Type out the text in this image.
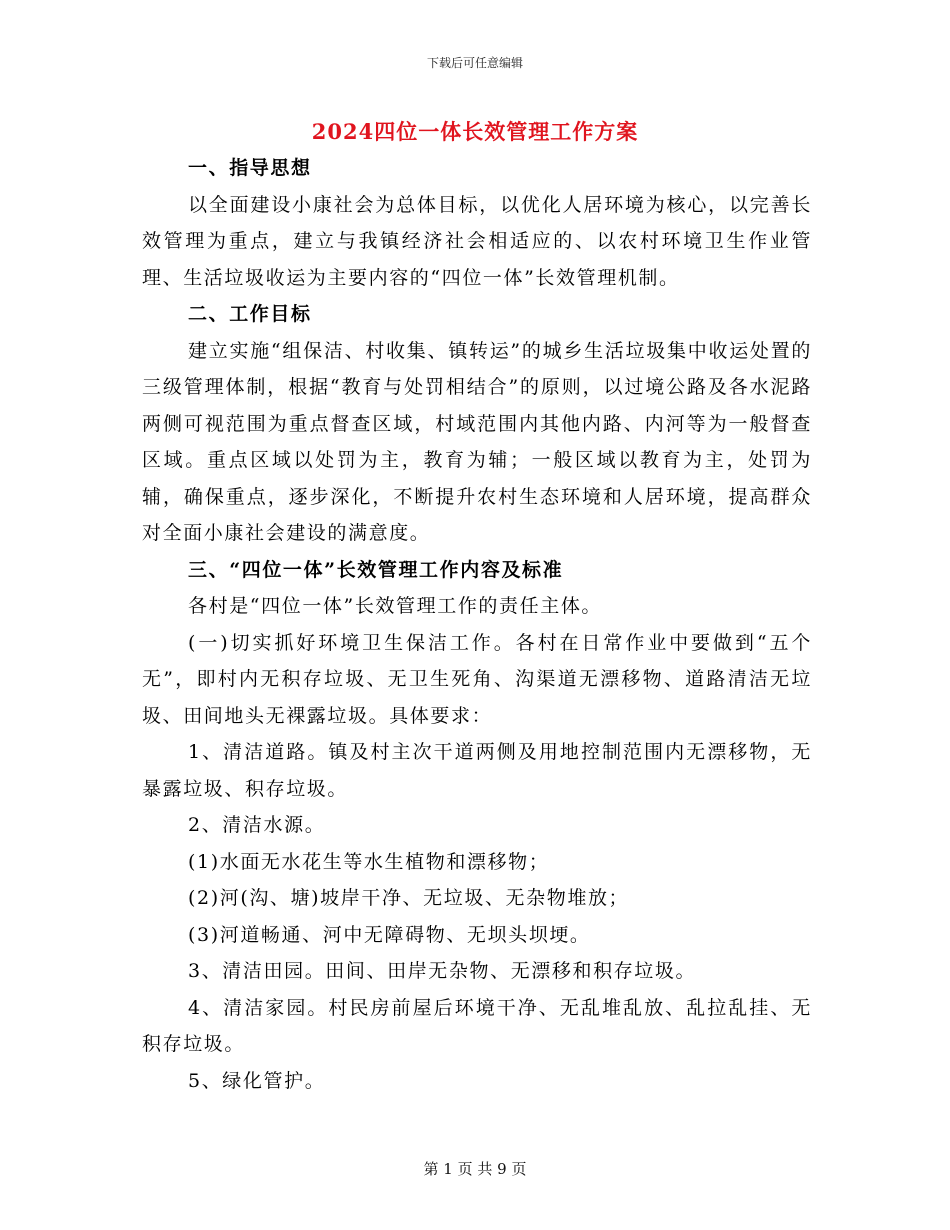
下载后可任意编辑
2024四位一体长效管理工作方案

一、指导思想

以全面建设小康社会为总体目标，以优化人居环境为核心，以完善长效管理为重点，建立与我镇经济社会相适应的、以农村环境卫生作业管理、生活垃圾收运为主要内容的“四位一体”长效管理机制。

二、工作目标

建立实施“组保洁、村收集、镇转运”的城乡生活垃圾集中收运处置的三级管理体制，根据“教育与处罚相结合”的原则，以过境公路及各水泥路两侧可视范围为重点督查区域，村域范围内其他内路、内河等为一般督查区域。重点区域以处罚为主，教育为辅；一般区域以教育为主，处罚为辅，确保重点，逐步深化，不断提升农村生态环境和人居环境，提高群众对全面小康社会建设的满意度。

三、“四位一体”长效管理工作内容及标准

各村是“四位一体”长效管理工作的责任主体。

(一)切实抓好环境卫生保洁工作。各村在日常作业中要做到“五个无”，即村内无积存垃圾、无卫生死角、沟渠道无漂移物、道路清洁无垃圾、田间地头无裸露垃圾。具体要求：

1、清洁道路。镇及村主次干道两侧及用地控制范围内无漂移物，无暴露垃圾、积存垃圾。

2、清洁水源。

(1)水面无水花生等水生植物和漂移物；

(2)河(沟、塘)坡岸干净、无垃圾、无杂物堆放；

(3)河道畅通、河中无障碍物、无坝头坝埂。

3、清洁田园。田间、田岸无杂物、无漂移和积存垃圾。

4、清洁家园。村民房前屋后环境干净、无乱堆乱放、乱拉乱挂、无积存垃圾。

5、绿化管护。

第 1 页 共 9 页
